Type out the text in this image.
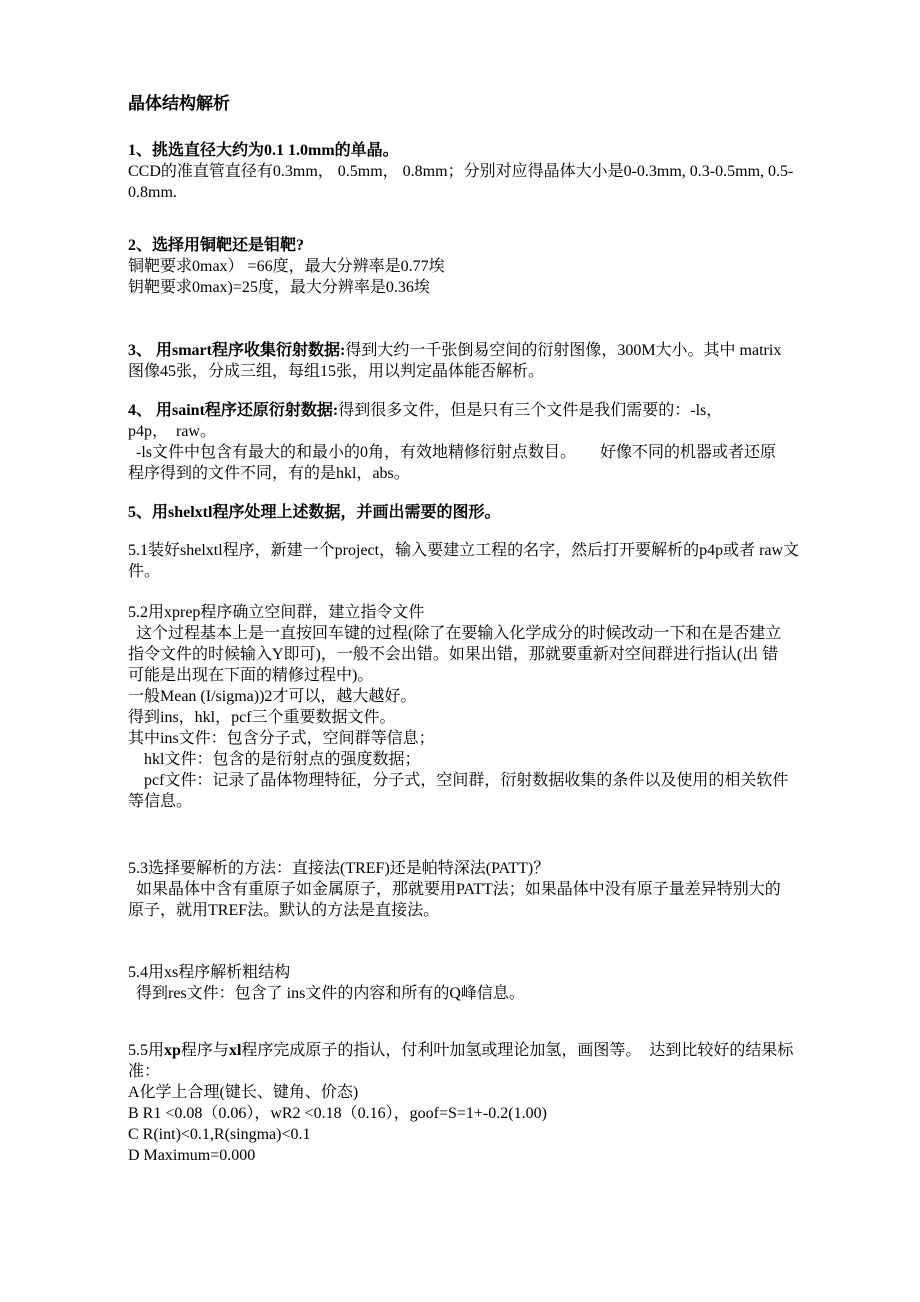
晶体结构解析
1、挑选直径大约为0.1 1.0mm的单晶。
CCD的准直管直径有0.3mm， 0.5mm， 0.8mm；分别对应得晶体大小是0-0.3mm, 0.3-0.5mm, 0.5-
0.8mm.
2、选择用铜靶还是钼靶?
铜靶要求0max） =66度，最大分辨率是0.77埃
钥靶要求0max)=25度，最大分辨率是0.36埃
3、 用smart程序收集衍射数据:得到大约一千张倒易空间的衍射图像，300M大小。其中 matrix
图像45张，分成三组，每组15张，用以判定晶体能否解析。
4、 用saint程序还原衍射数据:得到很多文件，但是只有三个文件是我们需要的：-ls，
p4p，　raw。
-ls文件中包含有最大的和最小的0角，有效地精修衍射点数目。　　好像不同的机器或者还原
程序得到的文件不同，有的是hkl，abs。
5、用shelxtl程序处理上述数据，并画出需要的图形。
5.1装好shelxtl程序，新建一个project，输入要建立工程的名字，然后打开要解析的p4p或者 raw文
件。
5.2用xprep程序确立空间群，建立指令文件
这个过程基本上是一直按回车键的过程(除了在要输入化学成分的时候改动一下和在是否建立
指令文件的时候输入Y即可)，一般不会出错。如果出错，那就要重新对空间群进行指认(出 错
可能是出现在下面的精修过程中)。
一般Mean (I/sigma))2才可以，越大越好。
得到ins，hkl，pcf三个重要数据文件。
其中ins文件：包含分子式，空间群等信息；
　hkl文件：包含的是衍射点的强度数据；
　pcf文件：记录了晶体物理特征，分子式，空间群，衍射数据收集的条件以及使用的相关软件
等信息。
5.3选择要解析的方法：直接法(TREF)还是帕特深法(PATT)？
如果晶体中含有重原子如金属原子，那就要用PATT法；如果晶体中没有原子量差异特别大的
原子，就用TREF法。默认的方法是直接法。
5.4用xs程序解析粗结构
得到res文件：包含了 ins文件的内容和所有的Q峰信息。
5.5用xp程序与xl程序完成原子的指认，付利叶加氢或理论加氢，画图等。　达到比较好的结果标
准：
A化学上合理(键长、键角、价态)
B R1 <0.08（0.06），wR2 <0.18（0.16），goof=S=1+-0.2(1.00)
C R(int)<0.1,R(singma)<0.1
D Maximum=0.000
